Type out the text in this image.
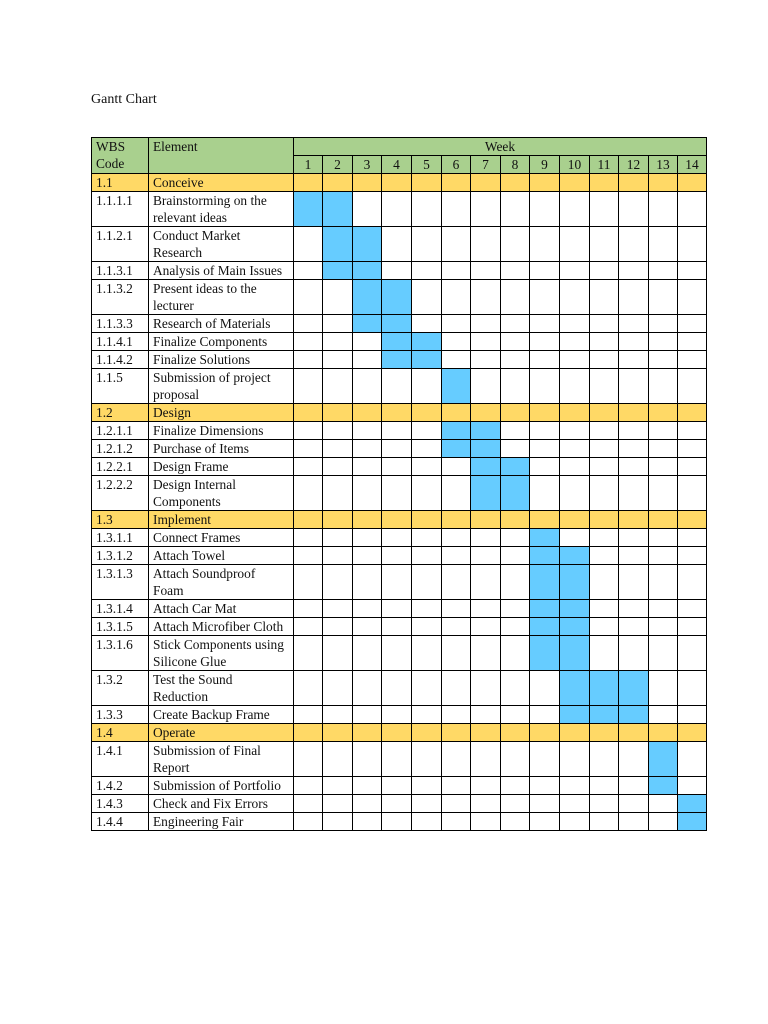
Gantt Chart
WBS Code	Element	Week													
		1	2	3	4	5	6	7	8	9	10	11	12	13	14
1.1	Conceive														
1.1.1.1	Brainstorming on the relevant ideas														
1.1.2.1	Conduct Market Research														
1.1.3.1	Analysis of Main Issues														
1.1.3.2	Present ideas to the lecturer														
1.1.3.3	Research of Materials														
1.1.4.1	Finalize Components														
1.1.4.2	Finalize Solutions														
1.1.5	Submission of project proposal														
1.2	Design														
1.2.1.1	Finalize Dimensions														
1.2.1.2	Purchase of Items														
1.2.2.1	Design Frame														
1.2.2.2	Design Internal Components														
1.3	Implement														
1.3.1.1	Connect Frames														
1.3.1.2	Attach Towel														
1.3.1.3	Attach Soundproof Foam														
1.3.1.4	Attach Car Mat														
1.3.1.5	Attach Microfiber Cloth														
1.3.1.6	Stick Components using Silicone Glue														
1.3.2	Test the Sound Reduction														
1.3.3	Create Backup Frame														
1.4	Operate														
1.4.1	Submission of Final Report														
1.4.2	Submission of Portfolio														
1.4.3	Check and Fix Errors														
1.4.4	Engineering Fair														
